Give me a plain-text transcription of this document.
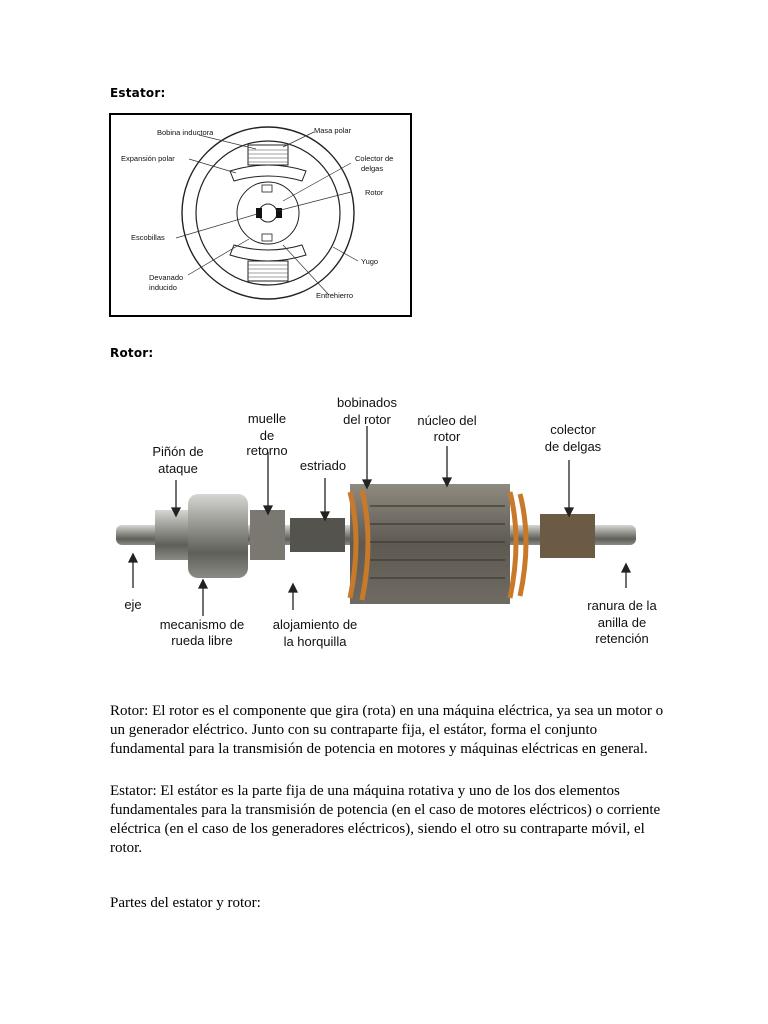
Estator:
Bobina inductora	Masa polar
Expansión polar	Colector de
delgas
Rotor
Escobillas
Yugo
Devanado
inducido
Entrehierro
Rotor:
Piñón de
ataque
muelle
de
retorno
estriado
bobinados
del rotor núcleo del
rotor	colector
de delgas
eje
mecanismo de
rueda libre
alojamiento de
la horquilla
ranura de la
anilla de
retención

Rotor: El rotor es el componente que gira (rota) en una máquina eléctrica, ya sea un motor o un generador eléctrico. Junto con su contraparte fija, el estátor, forma el conjunto fundamental para la transmisión de potencia en motores y máquinas eléctricas en general.

Estator: El estátor es la parte fija de una máquina rotativa y uno de los dos elementos fundamentales para la transmisión de potencia (en el caso de motores eléctricos) o corriente eléctrica (en el caso de los generadores eléctricos), siendo el otro su contraparte móvil, el rotor.

Partes del estator y rotor:
